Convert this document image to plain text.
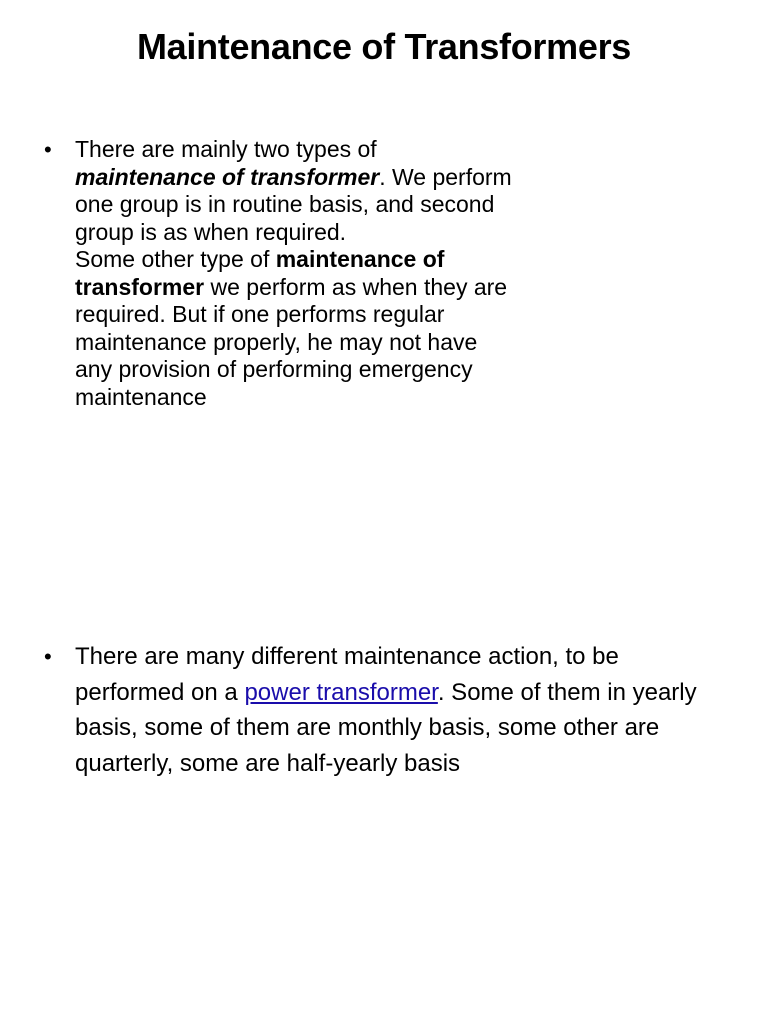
Maintenance of Transformers
•	There are mainly two types of maintenance of transformer. We perform one group is in routine basis, and second group is as when required.

Some other type of maintenance of transformer we perform as when they are required. But if one performs regular maintenance properly, he may not have any provision of performing emergency maintenance

• There are many different maintenance action, to be performed on a power transformer. Some of them in yearly basis, some of them are monthly basis, some other are quarterly, some are half-yearly basis
